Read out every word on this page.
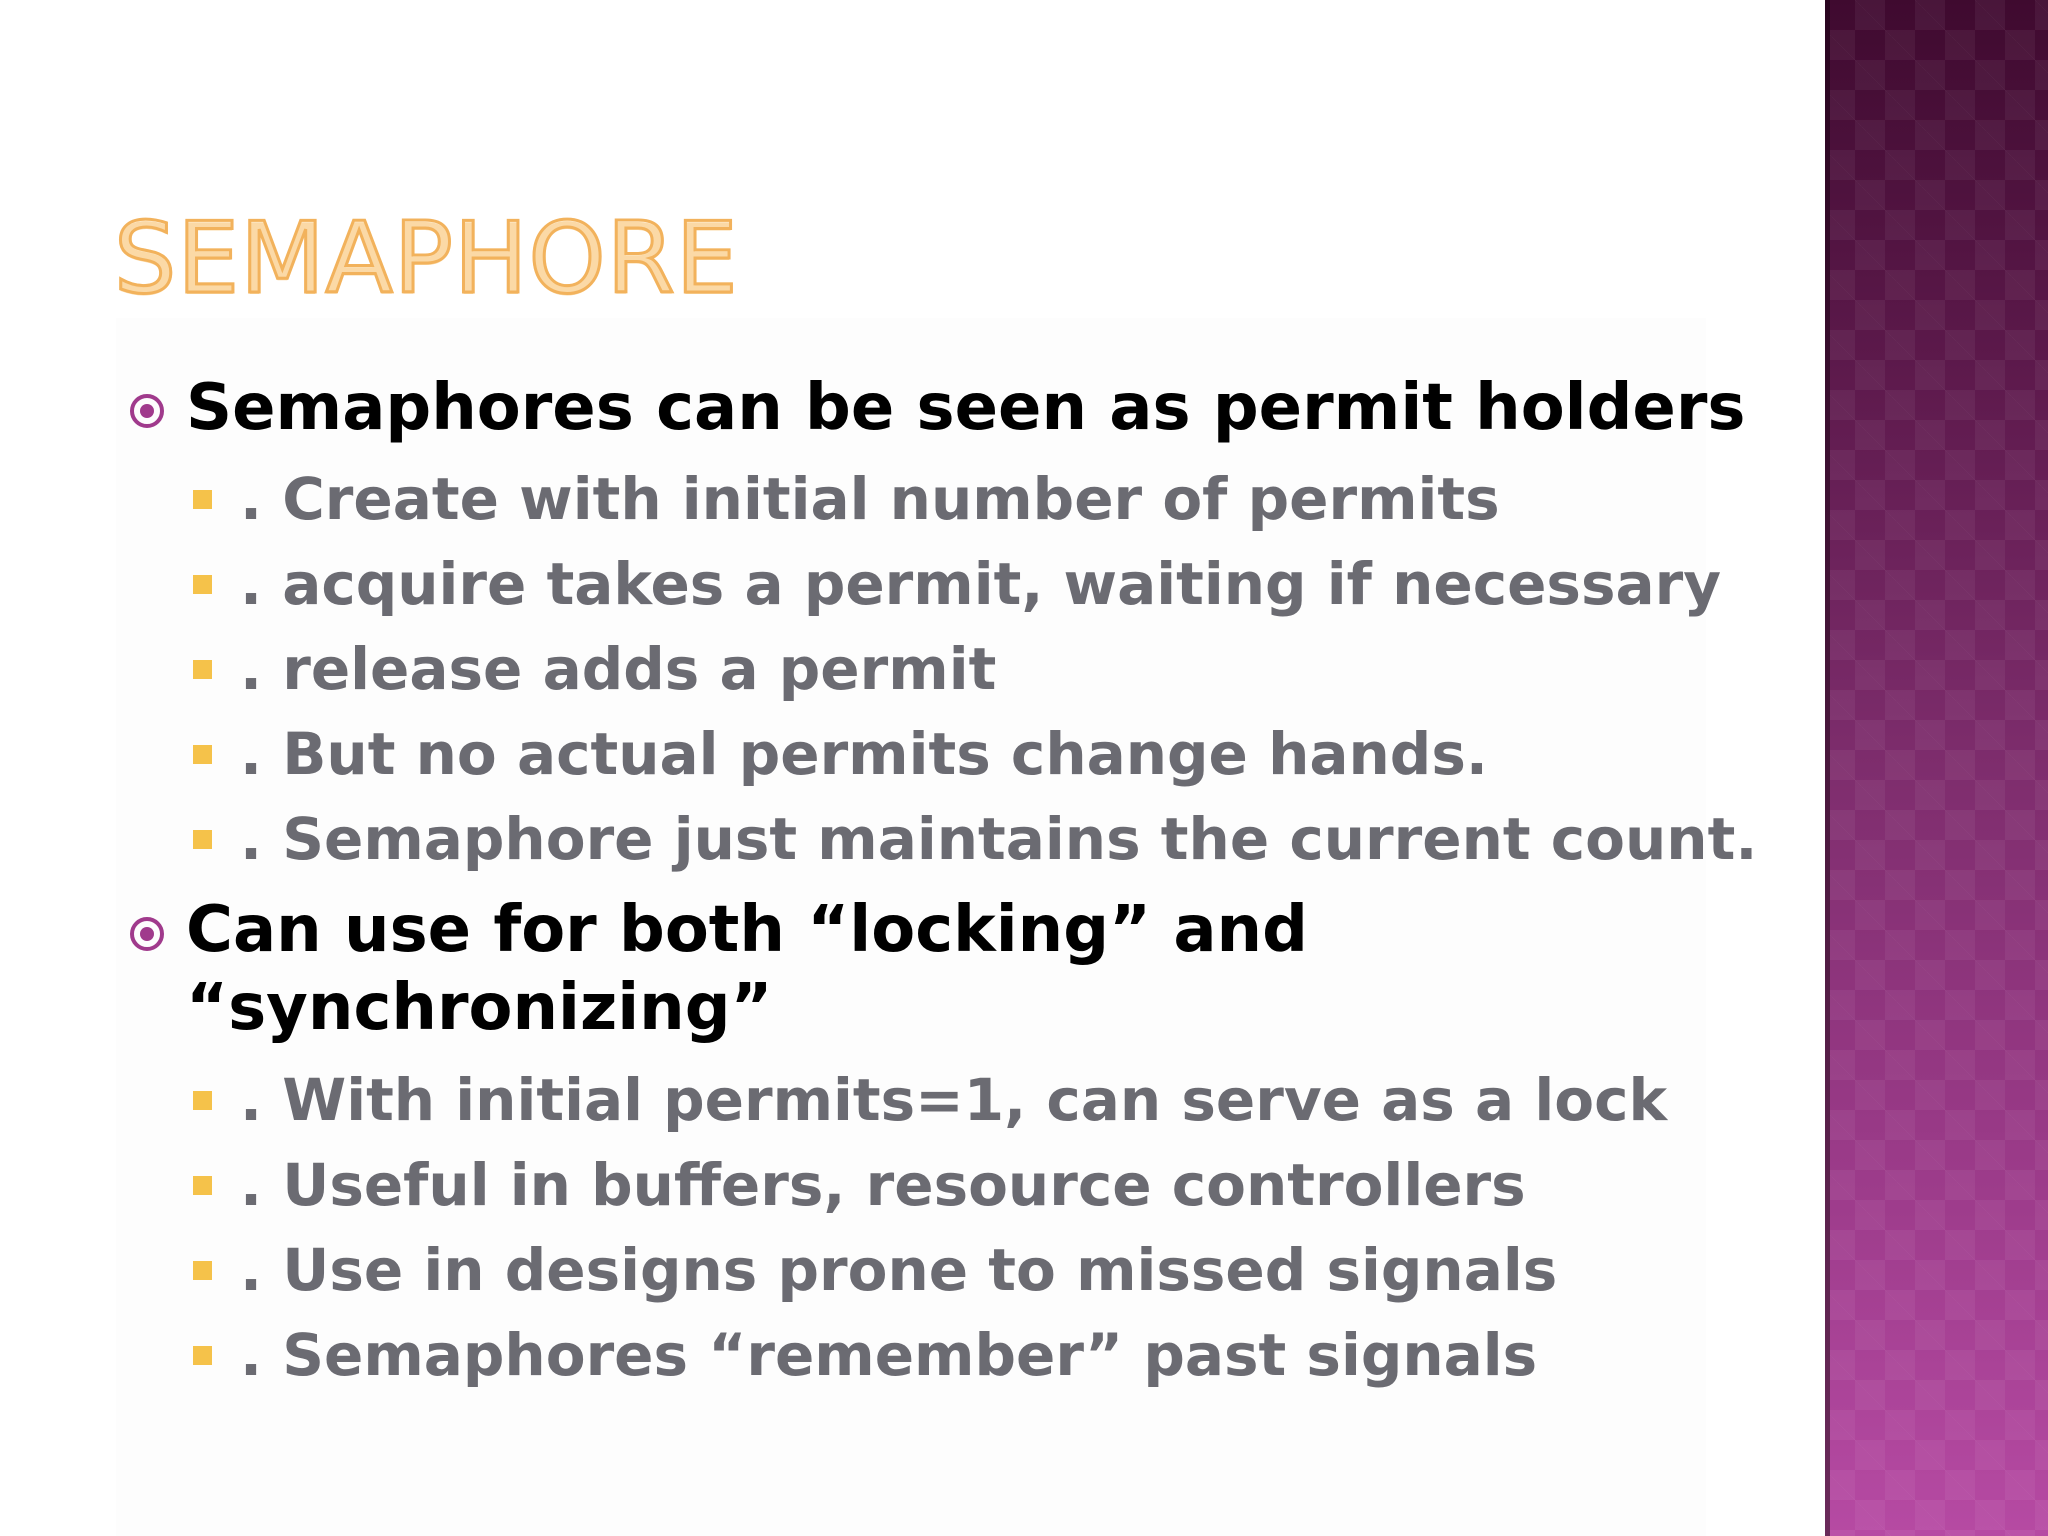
SEMAPHORE
Semaphores can be seen as permit holders
. Create with initial number of permits
. acquire takes a permit, waiting if necessary
. release adds a permit
. But no actual permits change hands.
. Semaphore just maintains the current count.
Can use for both “locking” and
“synchronizing”
. With initial permits=1, can serve as a lock
. Useful in buffers, resource controllers
. Use in designs prone to missed signals
. Semaphores “remember” past signals
